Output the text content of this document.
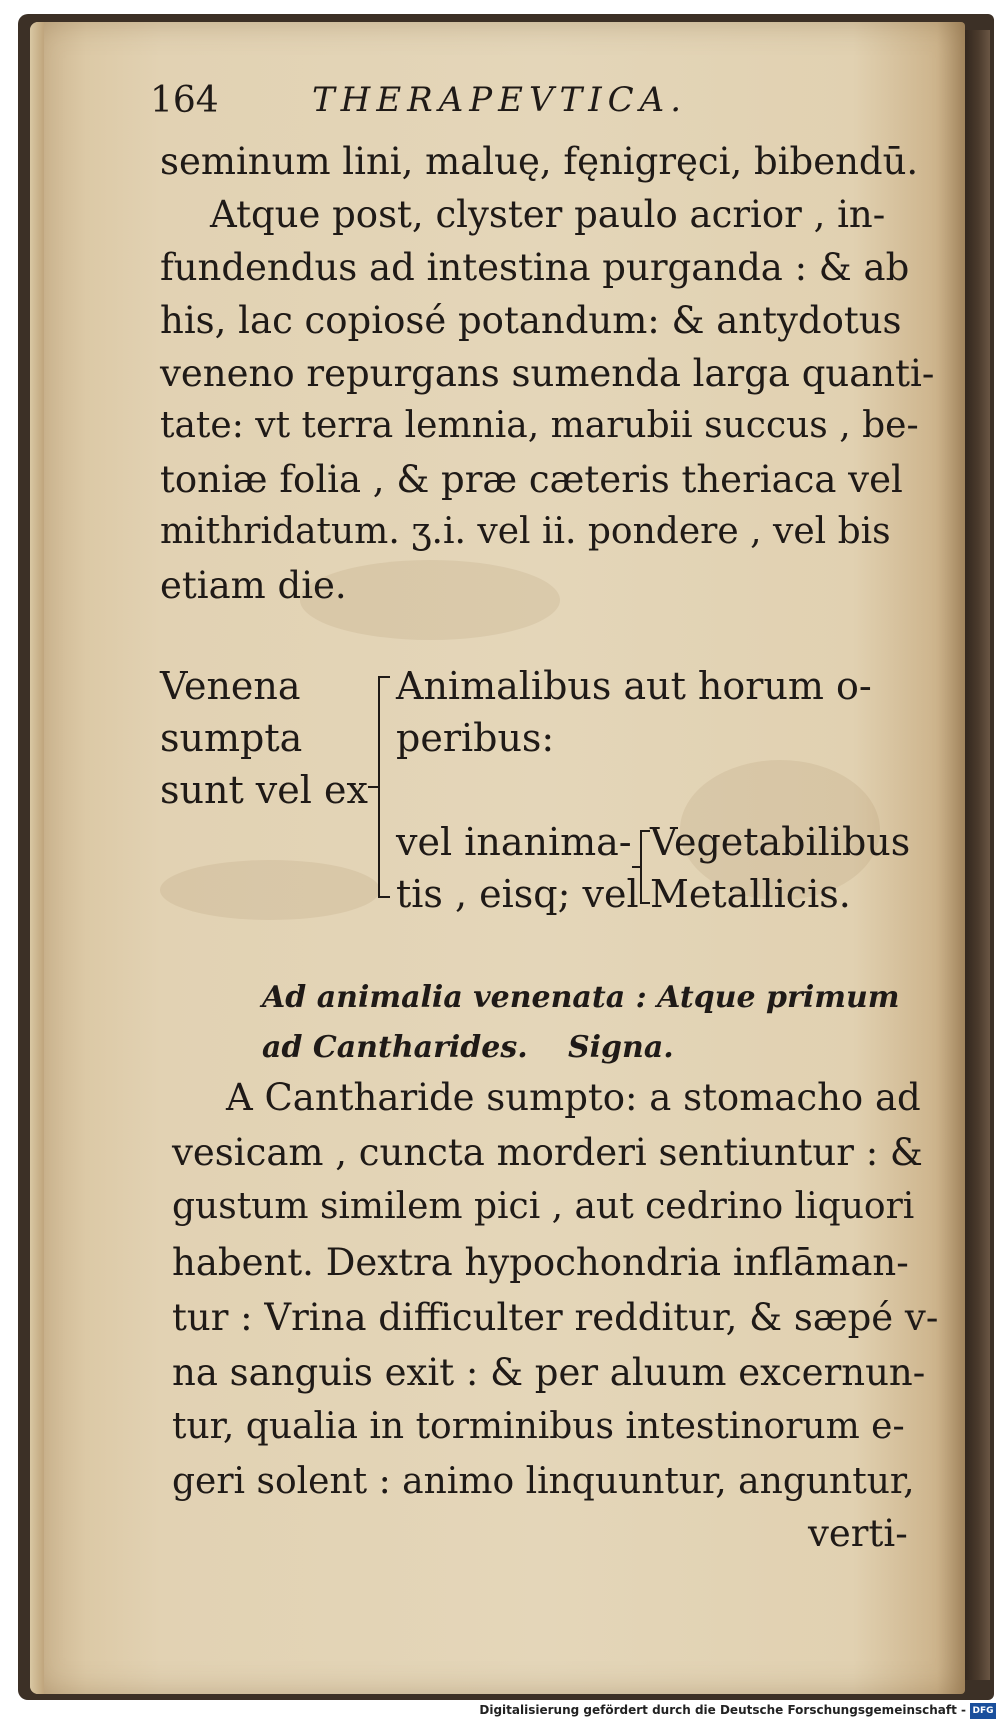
164	THERAPEVTICA.
seminum lini, maluę, fęnigręci, bibendū.
Atque post, clyster paulo acrior , in-
fundendus ad intestina purganda : & ab
his, lac copiosé potandum: & antydotus
veneno repurgans sumenda larga quanti-
tate: vt terra lemnia, marubii succus , be-
toniæ folia , & præ cæteris theriaca vel
mithridatum. ʒ.i. vel ii. pondere , vel bis
etiam die.
Venena
sumpta
sunt vel ex
Animalibus aut horum o-
peribus:
vel inanima-
tis , eisq; vel
Vegetabilibus
Metallicis.
Ad animalia venenata : Atque primum
ad Cantharides. Signa.
A Cantharide sumpto: a stomacho ad
vesicam , cuncta morderi sentiuntur : &
gustum similem pici , aut cedrino liquori
habent. Dextra hypochondria inflāman-
tur : Vrina difficulter redditur, & sæpé v-
na sanguis exit : & per aluum excernun-
tur, qualia in torminibus intestinorum e-
geri solent : animo linquuntur, anguntur,
verti-
Digitalisierung gefördert durch die Deutsche Forschungsgemeinschaft - DFG
